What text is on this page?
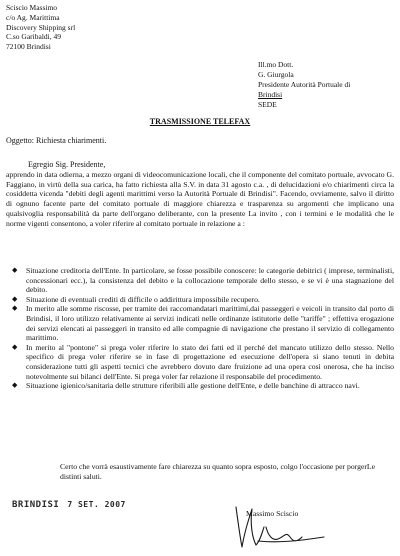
Sciscio Massimo
c/o Ag. Marittima
Discovery Shipping srl
C.so Garibaldi, 49
72100 Brindisi
Ill.mo Dott.
G. Giurgola
Presidente Autorità Portuale di
Brindisi
SEDE
TRASMISSIONE TELEFAX
Oggetto: Richiesta chiarimenti.
Egregio Sig. Presidente,
apprendo in data odierna, a mezzo organi di videocomunicazione locali, che il componente del comitato portuale, avvocato G. Faggiano, in virtù della sua carica, ha fatto richiesta alla S.V. in data 31 agosto c.a. , di delucidazioni e/o chiarimenti circa la cosiddetta vicenda "debiti degli agenti marittimi verso la Autorità Portuale di Brindisi". Facendo, ovviamente, salvo il diritto di ognuno facente parte del comitato portuale di maggiore chiarezza e trasparenza su argomenti che implicano una qualsivoglia responsabilità da parte dell'organo deliberante, con la presente La invito , con i termini e le modalità che le norme vigenti consentono, a voler riferire al comitato portuale in relazione a :
◆ Situazione creditoria dell'Ente. In particolare, se fosse possibile conoscere: le categorie debitrici ( imprese, terminalisti, concessionari ecc.), la consistenza del debito e la collocazione temporale dello stesso, e se vi è una stagnazione del debito.
◆ Situazione di eventuali crediti di difficile o addirittura impossibile recupero.
◆ In merito alle somme riscosse, per tramite dei raccomandatari marittimi,dai passeggeri e veicoli in transito dal porto di Brindisi, il loro utilizzo relativamente ai servizi indicati nelle ordinanze istitutorie delle "tariffe" ; effettiva erogazione dei servizi elencati ai passeggeri in transito ed alle compagnie di navigazione che prestano il servizio di collegamento marittimo.
◆ In merito al "pontone" si prega voler riferire lo stato dei fatti ed il perché del mancato utilizzo dello stesso. Nello specifico di prega voler riferire se in fase di progettazione ed esecuzione dell'opera si siano tenuti in debita considerazione tutti gli aspetti tecnici che avrebbero dovuto dare fruizione ad una opera così onerosa, che ha inciso notevolmente sui bilanci dell'Ente. Si prega voler far relazione il responsabile del procedimento.
◆ Situazione igienico/sanitaria delle strutture riferibili alle gestione dell'Ente, e delle banchine di attracco navi.
Certo che vorrà esaustivamente fare chiarezza su quanto sopra esposto, colgo l'occasione per porgerLe distinti saluti.
BRINDISI 7 SET. 2007
Massimo Sciscio
